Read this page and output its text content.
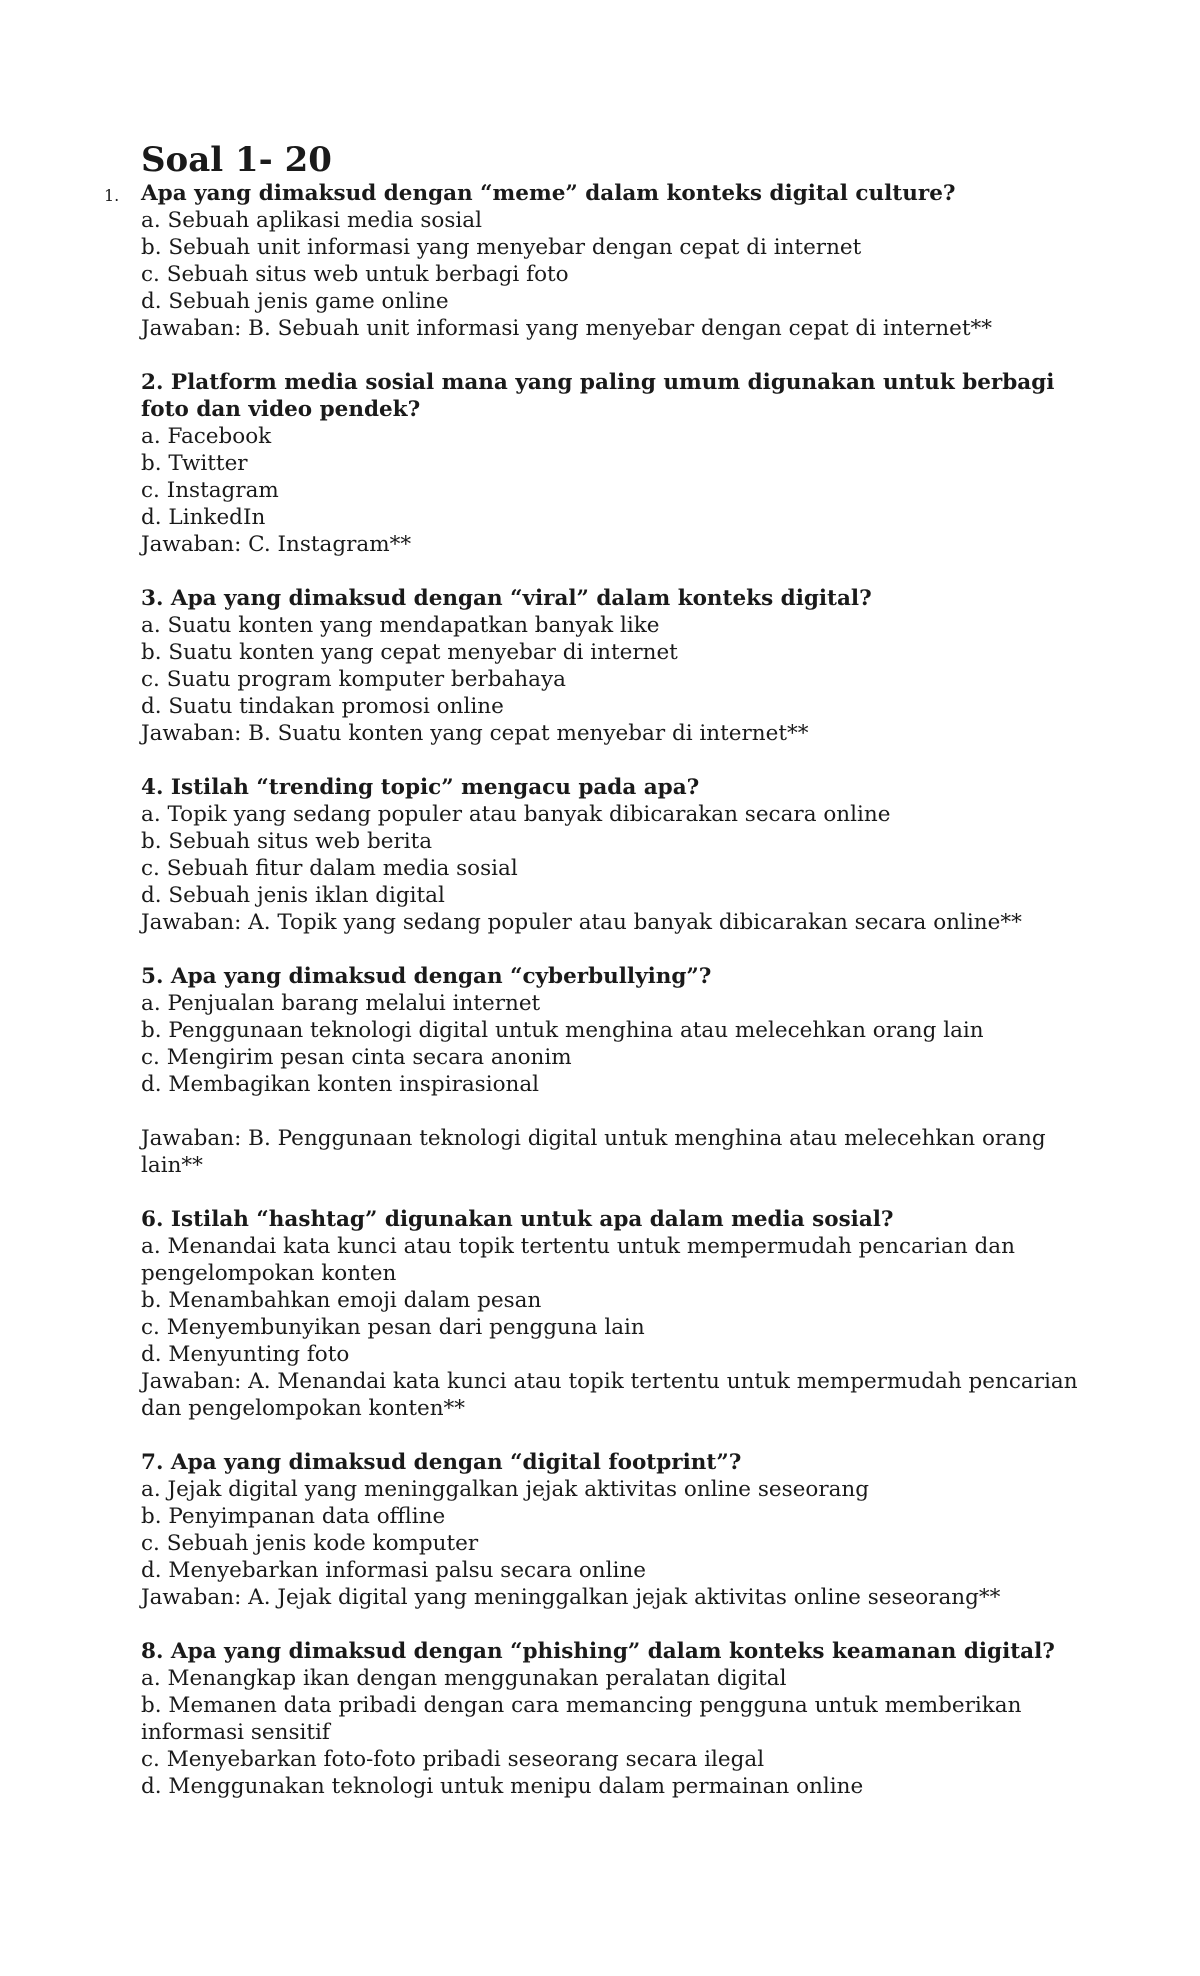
Soal 1- 20
1. Apa yang dimaksud dengan “meme” dalam konteks digital culture?
a. Sebuah aplikasi media sosial
b. Sebuah unit informasi yang menyebar dengan cepat di internet
c. Sebuah situs web untuk berbagi foto
d. Sebuah jenis game online
Jawaban: B. Sebuah unit informasi yang menyebar dengan cepat di internet**
2. Platform media sosial mana yang paling umum digunakan untuk berbagi foto dan video pendek?
a. Facebook
b. Twitter
c. Instagram
d. LinkedIn
Jawaban: C. Instagram**
3. Apa yang dimaksud dengan “viral” dalam konteks digital?
a. Suatu konten yang mendapatkan banyak like
b. Suatu konten yang cepat menyebar di internet
c. Suatu program komputer berbahaya
d. Suatu tindakan promosi online
Jawaban: B. Suatu konten yang cepat menyebar di internet**
4. Istilah “trending topic” mengacu pada apa?
a. Topik yang sedang populer atau banyak dibicarakan secara online
b. Sebuah situs web berita
c. Sebuah fitur dalam media sosial
d. Sebuah jenis iklan digital
Jawaban: A. Topik yang sedang populer atau banyak dibicarakan secara online**
5. Apa yang dimaksud dengan “cyberbullying”?
a. Penjualan barang melalui internet
b. Penggunaan teknologi digital untuk menghina atau melecehkan orang lain
c. Mengirim pesan cinta secara anonim
d. Membagikan konten inspirasional
Jawaban: B. Penggunaan teknologi digital untuk menghina atau melecehkan orang lain**
6. Istilah “hashtag” digunakan untuk apa dalam media sosial?
a. Menandai kata kunci atau topik tertentu untuk mempermudah pencarian dan pengelompokan konten
b. Menambahkan emoji dalam pesan
c. Menyembunyikan pesan dari pengguna lain
d. Menyunting foto
Jawaban: A. Menandai kata kunci atau topik tertentu untuk mempermudah pencarian dan pengelompokan konten**
7. Apa yang dimaksud dengan “digital footprint”?
a. Jejak digital yang meninggalkan jejak aktivitas online seseorang
b. Penyimpanan data offline
c. Sebuah jenis kode komputer
d. Menyebarkan informasi palsu secara online
Jawaban: A. Jejak digital yang meninggalkan jejak aktivitas online seseorang**
8. Apa yang dimaksud dengan “phishing” dalam konteks keamanan digital?
a. Menangkap ikan dengan menggunakan peralatan digital
b. Memanen data pribadi dengan cara memancing pengguna untuk memberikan informasi sensitif
c. Menyebarkan foto-foto pribadi seseorang secara ilegal
d. Menggunakan teknologi untuk menipu dalam permainan online
